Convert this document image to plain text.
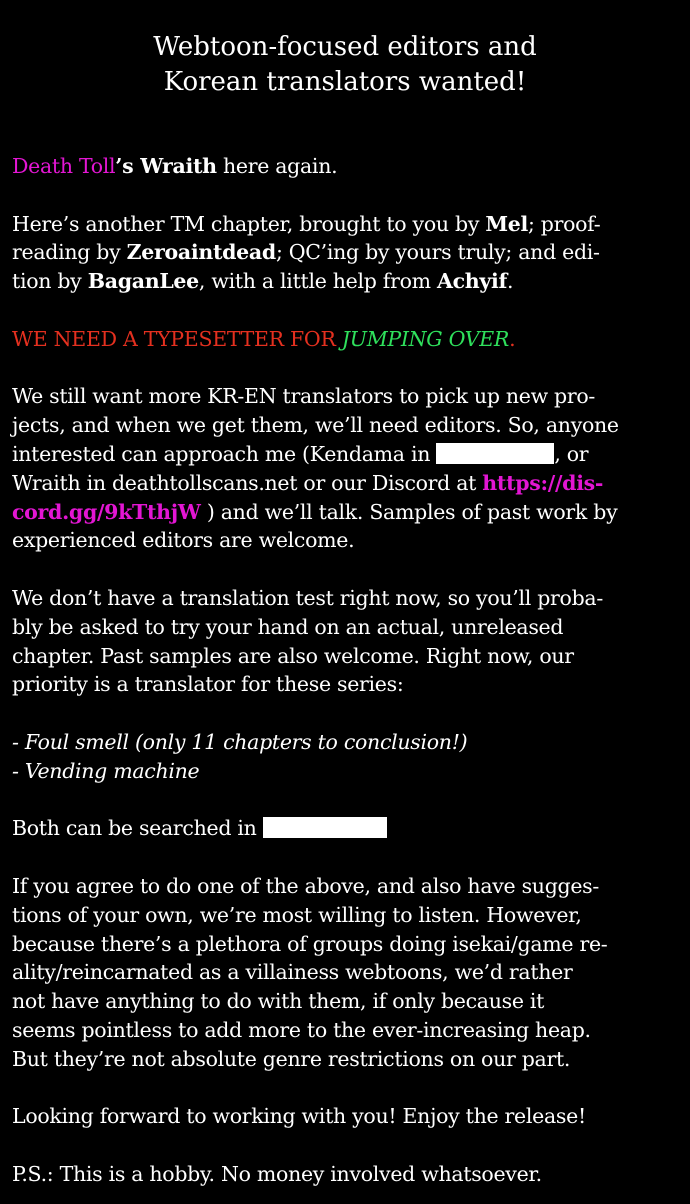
Webtoon-focused editors and
Korean translators wanted!
Death Toll’s Wraith here again.
Here’s another TM chapter, brought to you by Mel; proof-
reading by Zeroaintdead; QC’ing by yours truly; and edi-
tion by BaganLee, with a little help from Achyif.
WE NEED A TYPESETTER FOR JUMPING OVER.
We still want more KR-EN translators to pick up new pro-
jects, and when we get them, we’ll need editors. So, anyone
interested can approach me (Kendama in	, or
Wraith in deathtollscans.net or our Discord at https://dis-
cord.gg/9kTthjW ) and we’ll talk. Samples of past work by
experienced editors are welcome.
We don’t have a translation test right now, so you’ll proba-
bly be asked to try your hand on an actual, unreleased
chapter. Past samples are also welcome. Right now, our
priority is a translator for these series:
- Foul smell (only 11 chapters to conclusion!)
- Vending machine
Both can be searched in
If you agree to do one of the above, and also have sugges-
tions of your own, we’re most willing to listen. However,
because there’s a plethora of groups doing isekai/game re-
ality/reincarnated as a villainess webtoons, we’d rather
not have anything to do with them, if only because it
seems pointless to add more to the ever-increasing heap.
But they’re not absolute genre restrictions on our part.
Looking forward to working with you! Enjoy the release!
P.S.: This is a hobby. No money involved whatsoever.
